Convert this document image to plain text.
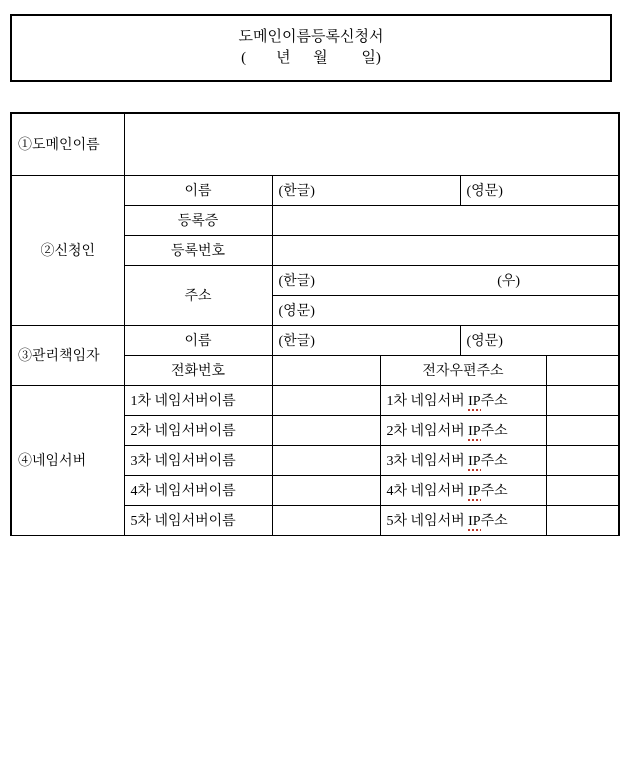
도메인이름등록신청서
(        년      월         일)
①도메인이름					
②신청인	이름	(한글)		(영문)	
	등록증				
	등록번호				
	주소	(한글) (우)			

		(영문)			
③관리책임자	이름	(한글)		(영문)	
	전화번호		전자우편주소		
④네임서버	1차 네임서버이름		1차 네임서버 IP주소		
	2차 네임서버이름		2차 네임서버 IP주소		
	3차 네임서버이름		3차 네임서버 IP주소		
	4차 네임서버이름		4차 네임서버 IP주소		
	5차 네임서버이름		5차 네임서버 IP주소		
